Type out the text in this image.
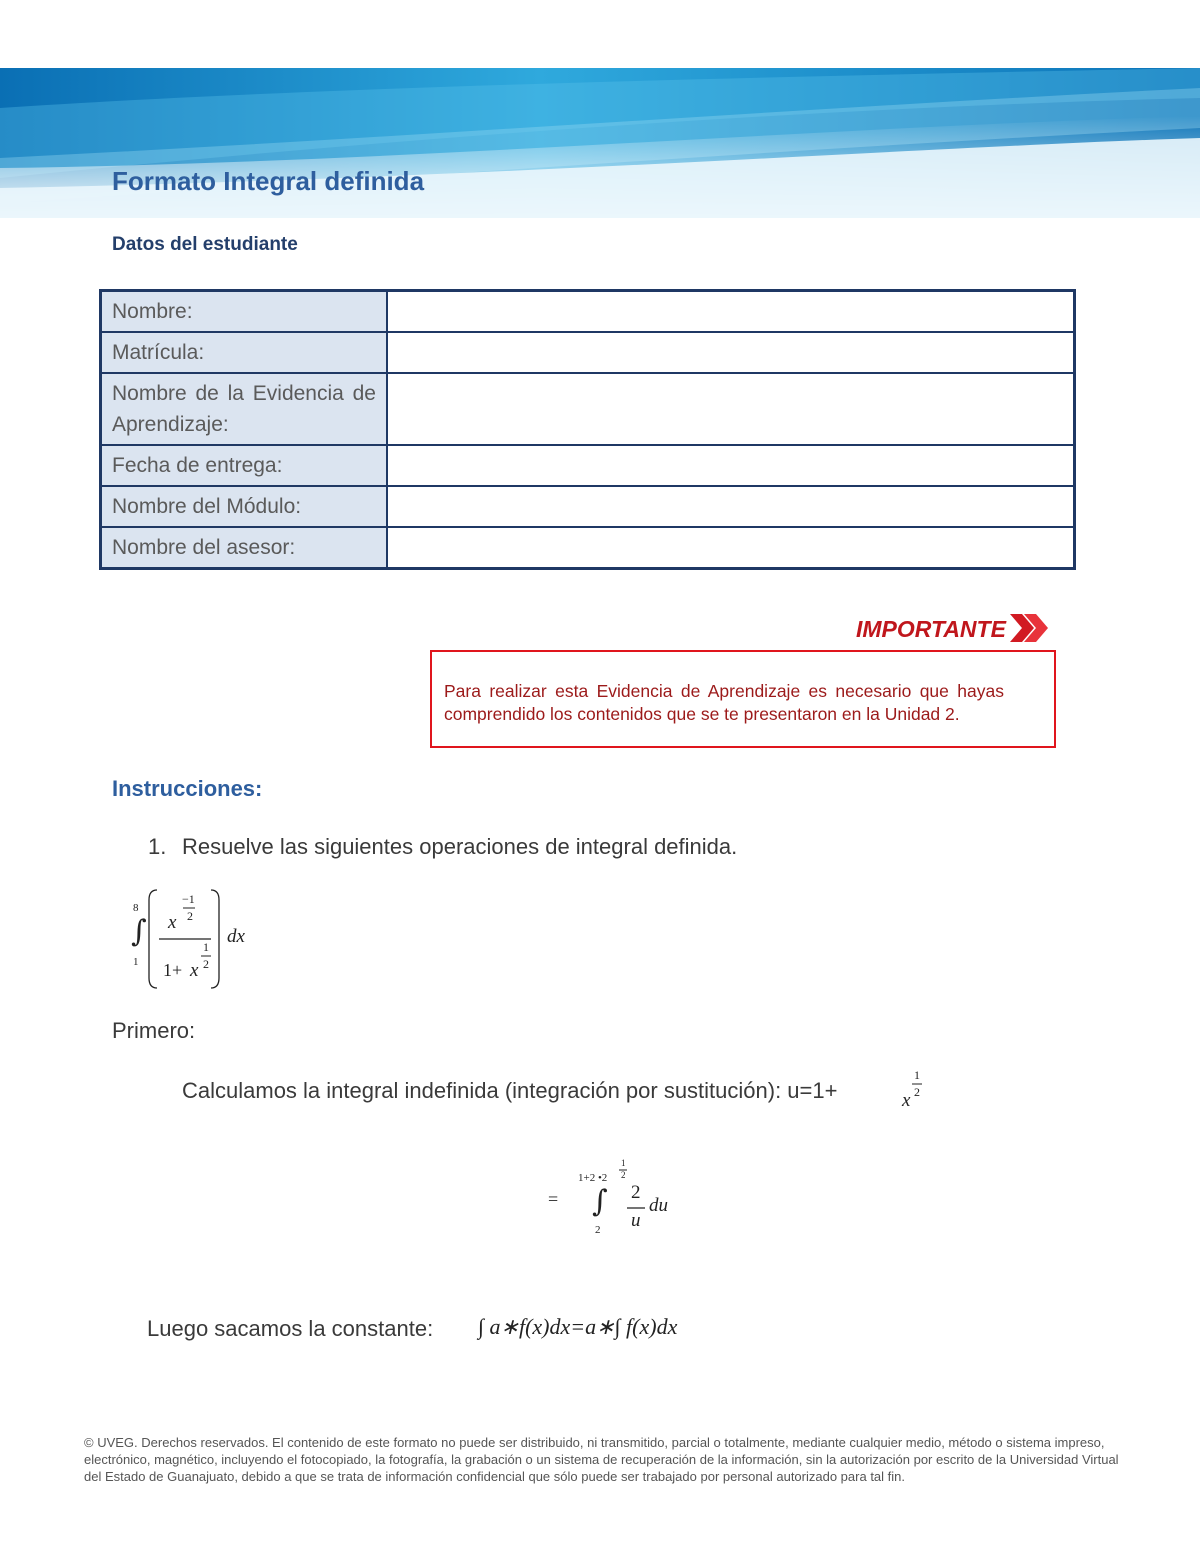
Formato Integral definida
Datos del estudiante
Nombre:	
Matrícula:	
Nombre de la Evidencia de Aprendizaje:	
Fecha de entrega:	
Nombre del Módulo:	
Nombre del asesor:	
IMPORTANTE
Para realizar esta Evidencia de Aprendizaje es necesario que hayas comprendido los contenidos que se te presentaron en la Unidad 2.
Instrucciones:
1. Resuelve las siguientes operaciones de integral definida.
8
∫
1
x
−1
2
1+ x
1
2
dx
Primero:
Calculamos la integral indefinida (integración por sustitución): u=1+	x
1
2
=
1+2 •2
1
2
∫
2
2
u
du
Luego sacamos la constante: ∫ a∗f(x)dx=a∗∫ f(x)dx
© UVEG. Derechos reservados. El contenido de este formato no puede ser distribuido, ni transmitido, parcial o totalmente, mediante cualquier medio, método o sistema impreso, electrónico, magnético, incluyendo el fotocopiado, la fotografía, la grabación o un sistema de recuperación de la información, sin la autorización por escrito de la Universidad Virtual del Estado de Guanajuato, debido a que se trata de información confidencial que sólo puede ser trabajado por personal autorizado para tal fin.
